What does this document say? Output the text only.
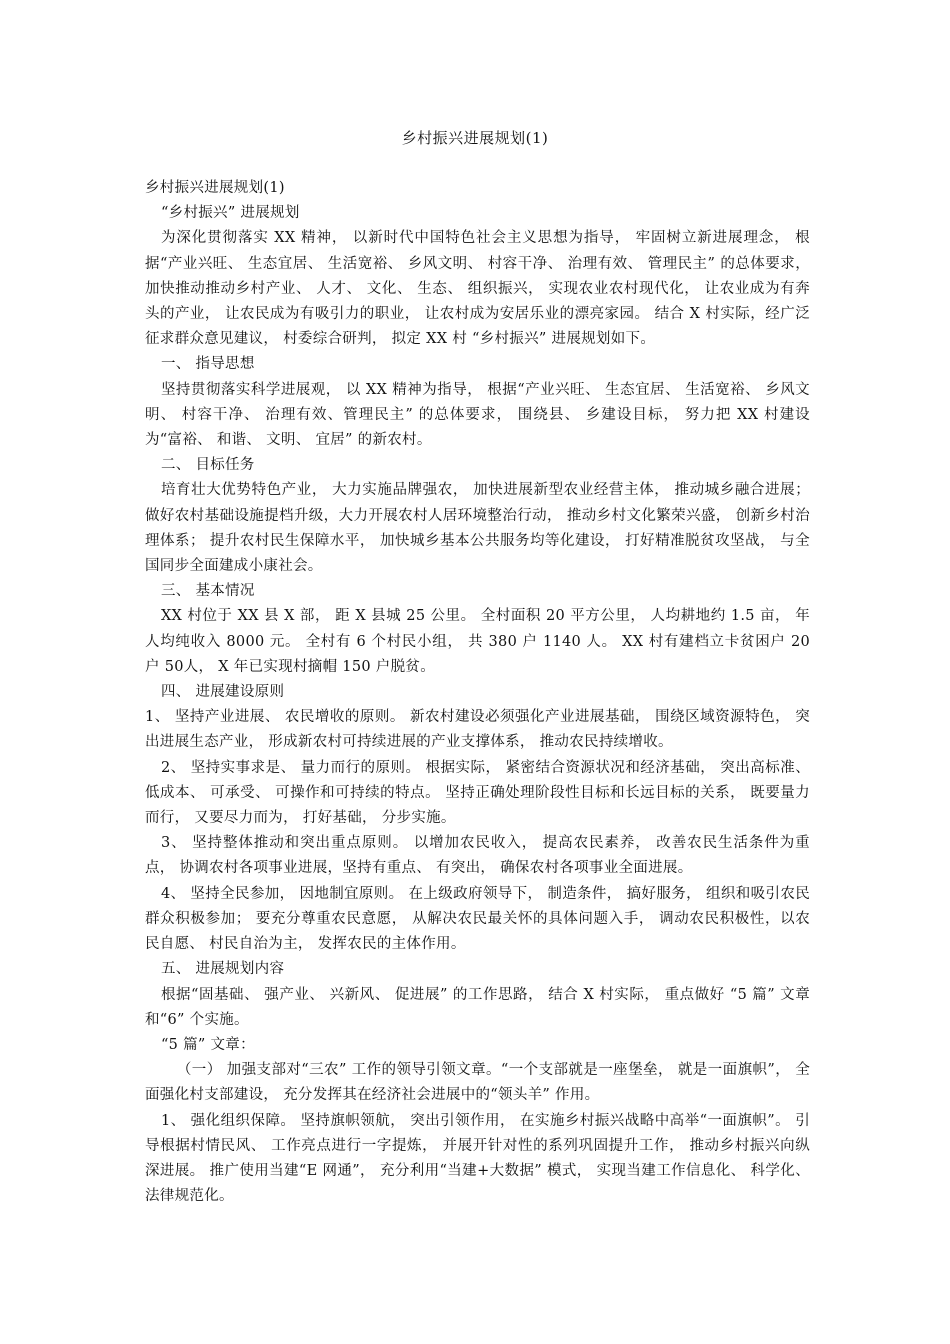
乡村振兴进展规划(1)

乡村振兴进展规划(1)

“乡村振兴” 进展规划

为深化贯彻落实 XX 精神， 以新时代中国特色社会主义思想为指导， 牢固树立新进展理念， 根据“产业兴旺、 生态宜居、 生活宽裕、 乡风文明、 村容干净、 治理有效、 管理民主” 的总体要求， 加快推动推动乡村产业、 人才、 文化、 生态、 组织振兴， 实现农业农村现代化， 让农业成为有奔头的产业， 让农民成为有吸引力的职业， 让农村成为安居乐业的漂亮家园。 结合 X 村实际，经广泛征求群众意见建议， 村委综合研判， 拟定 XX 村 “乡村振兴” 进展规划如下。

一、 指导思想

坚持贯彻落实科学进展观， 以 XX 精神为指导， 根据“产业兴旺、 生态宜居、 生活宽裕、 乡风文明、 村容干净、 治理有效、管理民主” 的总体要求， 围绕县、 乡建设目标， 努力把 XX 村建设为“富裕、 和谐、 文明、 宜居” 的新农村。

二、 目标任务

培育壮大优势特色产业， 大力实施品牌强农， 加快进展新型农业经营主体， 推动城乡融合进展； 做好农村基础设施提档升级，大力开展农村人居环境整治行动， 推动乡村文化繁荣兴盛， 创新乡村治理体系； 提升农村民生保障水平， 加快城乡基本公共服务均等化建设， 打好精准脱贫攻坚战， 与全国同步全面建成小康社会。

三、 基本情况

XX 村位于 XX 县 X 部， 距 X 县城 25 公里。 全村面积 20 平方公里， 人均耕地约 1.5 亩， 年人均纯收入 8000 元。 全村有 6 个村民小组， 共 380 户 1140 人。 XX 村有建档立卡贫困户 20 户 50人， X 年已实现村摘帽 150 户脱贫。

四、 进展建设原则

1、 坚持产业进展、 农民增收的原则。 新农村建设必须强化产业进展基础， 围绕区域资源特色， 突出进展生态产业， 形成新农村可持续进展的产业支撑体系， 推动农民持续增收。

2、 坚持实事求是、 量力而行的原则。 根据实际， 紧密结合资源状况和经济基础， 突出高标准、 低成本、 可承受、 可操作和可持续的特点。 坚持正确处理阶段性目标和长远目标的关系， 既要量力而行， 又要尽力而为， 打好基础， 分步实施。

3、 坚持整体推动和突出重点原则。 以增加农民收入， 提高农民素养， 改善农民生活条件为重点， 协调农村各项事业进展，坚持有重点、 有突出， 确保农村各项事业全面进展。

4、 坚持全民参加， 因地制宜原则。 在上级政府领导下， 制造条件， 搞好服务， 组织和吸引农民群众积极参加； 要充分尊重农民意愿， 从解决农民最关怀的具体问题入手， 调动农民积极性，以农民自愿、 村民自治为主， 发挥农民的主体作用。

五、 进展规划内容

根据“固基础、 强产业、 兴新风、 促进展” 的工作思路， 结合 X 村实际， 重点做好 “5 篇” 文章和“6” 个实施。

“5 篇” 文章：

（一） 加强支部对“三农” 工作的领导引领文章。“一个支部就是一座堡垒， 就是一面旗帜”， 全面强化村支部建设， 充分发挥其在经济社会进展中的“领头羊” 作用。

1、 强化组织保障。 坚持旗帜领航， 突出引领作用， 在实施乡村振兴战略中高举“一面旗帜”。 引导根据村情民风、 工作亮点进行一字提炼， 并展开针对性的系列巩固提升工作， 推动乡村振兴向纵深进展。 推广使用当建“E 网通”， 充分利用“当建+大数据” 模式， 实现当建工作信息化、 科学化、 法律规范化。
